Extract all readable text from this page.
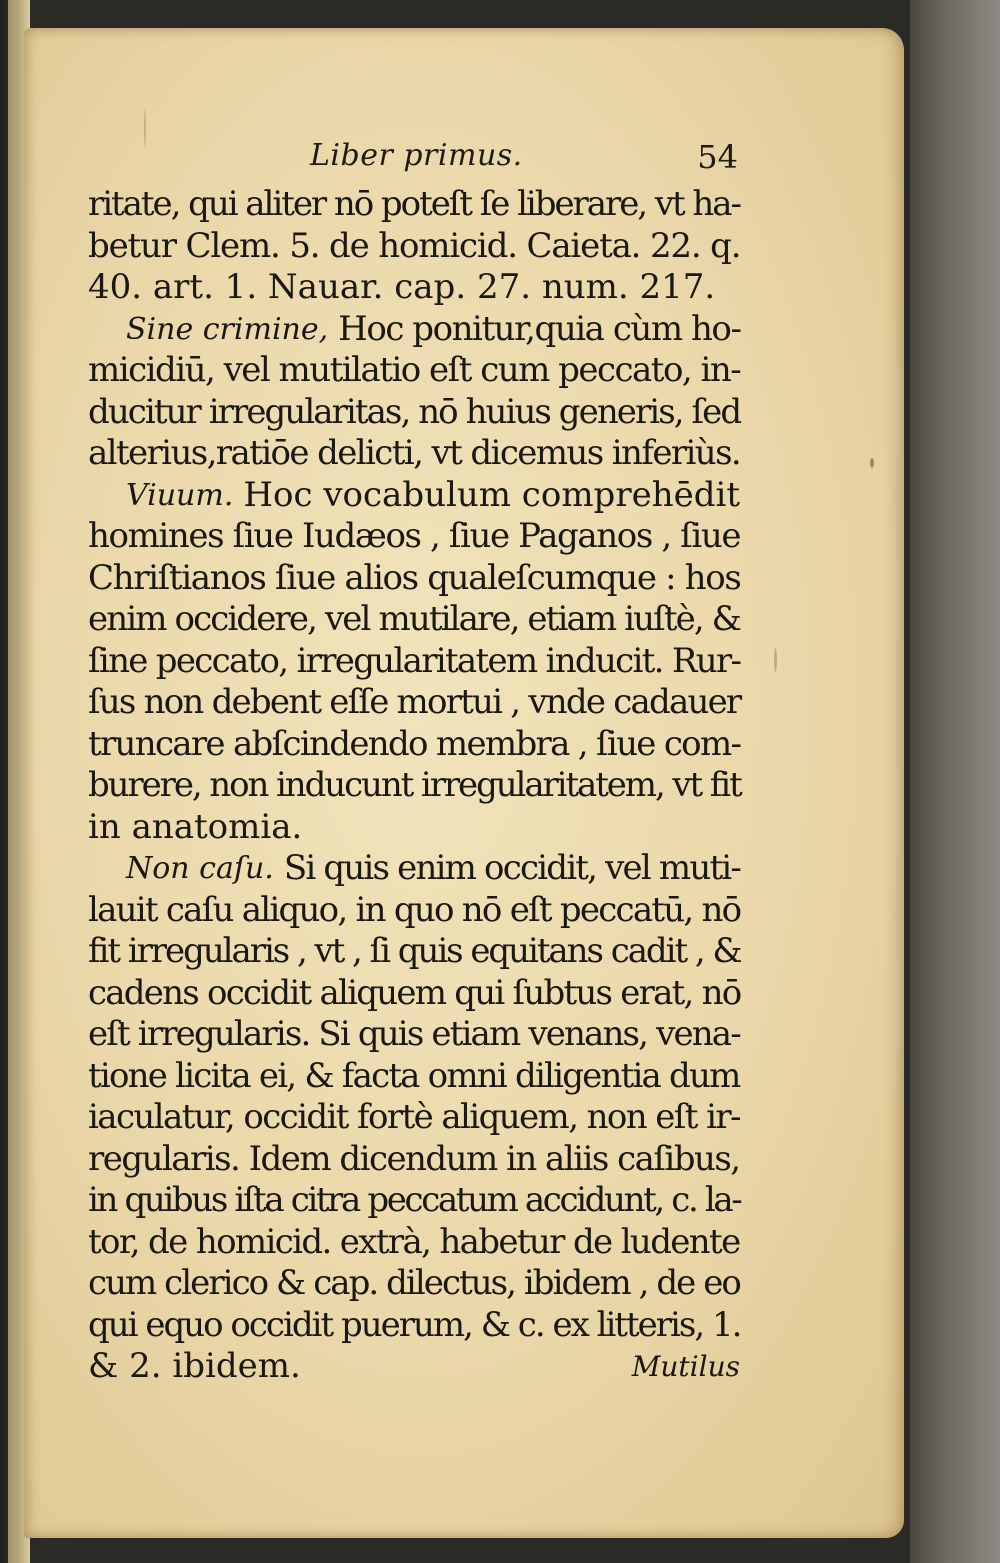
Liber primus.	54
ritate, qui aliter nō poteſt ſe liberare, vt ha-
betur Clem. 5. de homicid. Caieta. 22. q.
40. art. 1. Nauar. cap. 27. num. 217.
Sine crimine, Hoc ponitur,quia cùm ho-
micidiū, vel mutilatio eſt cum peccato, in-
ducitur irregularitas, nō huius generis, ſed
alterius,ratiōe delicti, vt dicemus inferiùs.
Viuum. Hoc vocabulum comprehēdit
homines ſiue Iudæos , ſiue Paganos , ſiue
Chriſtianos ſiue alios qualeſcumque : hos
enim occidere, vel mutilare, etiam iuſtè, &
ſine peccato, irregularitatem inducit. Rur-
ſus non debent eſſe mortui , vnde cadauer
truncare abſcindendo membra , ſiue com-
burere, non inducunt irregularitatem, vt fit
in anatomia.
Non caſu. Si quis enim occidit, vel muti-
lauit caſu aliquo, in quo nō eſt peccatū, nō
fit irregularis , vt , ſi quis equitans cadit , &
cadens occidit aliquem qui ſubtus erat, nō
eſt irregularis. Si quis etiam venans, vena-
tione licita ei, & facta omni diligentia dum
iaculatur, occidit fortè aliquem, non eſt ir-
regularis. Idem dicendum in aliis caſibus,
in quibus iſta citra peccatum accidunt, c. la-
tor, de homicid. extrà, habetur de ludente
cum clerico & cap. dilectus, ibidem , de eo
qui equo occidit puerum, & c. ex litteris, 1.
& 2. ibidem.	Mutilus
